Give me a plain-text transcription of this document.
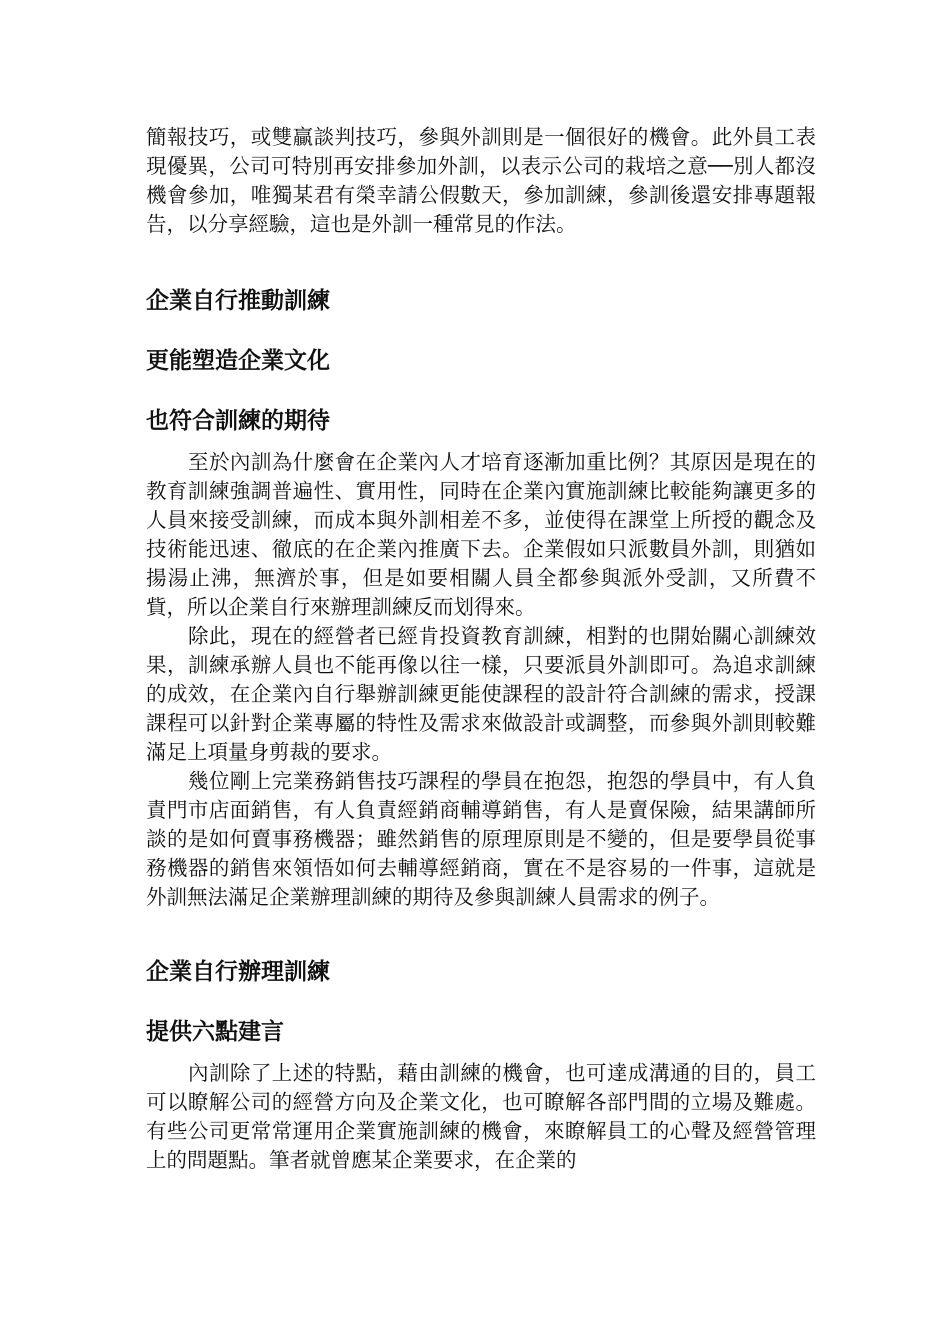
簡報技巧，或雙贏談判技巧，參與外訓則是一個很好的機會。此外員工表現優異，公司可特別再安排參加外訓，以表示公司的栽培之意──別人都沒機會參加，唯獨某君有榮幸請公假數天，參加訓練，參訓後還安排專題報告，以分享經驗，這也是外訓一種常見的作法。

企業自行推動訓練
更能塑造企業文化
也符合訓練的期待

至於內訓為什麼會在企業內人才培育逐漸加重比例？其原因是現在的教育訓練強調普遍性、實用性，同時在企業內實施訓練比較能夠讓更多的人員來接受訓練，而成本與外訓相差不多，並使得在課堂上所授的觀念及技術能迅速、徹底的在企業內推廣下去。企業假如只派數員外訓，則猶如揚湯止沸，無濟於事，但是如要相關人員全都參與派外受訓，又所費不貲，所以企業自行來辦理訓練反而划得來。

除此，現在的經營者已經肯投資教育訓練，相對的也開始關心訓練效果，訓練承辦人員也不能再像以往一樣，只要派員外訓即可。為追求訓練的成效，在企業內自行舉辦訓練更能使課程的設計符合訓練的需求，授課課程可以針對企業專屬的特性及需求來做設計或調整，而參與外訓則較難滿足上項量身剪裁的要求。

幾位剛上完業務銷售技巧課程的學員在抱怨，抱怨的學員中，有人負責門市店面銷售，有人負責經銷商輔導銷售，有人是賣保險，結果講師所談的是如何賣事務機器；雖然銷售的原理原則是不變的，但是要學員從事務機器的銷售來領悟如何去輔導經銷商，實在不是容易的一件事，這就是外訓無法滿足企業辦理訓練的期待及參與訓練人員需求的例子。

企業自行辦理訓練
提供六點建言

內訓除了上述的特點，藉由訓練的機會，也可達成溝通的目的，員工可以瞭解公司的經營方向及企業文化，也可瞭解各部門間的立場及難處。有些公司更常常運用企業實施訓練的機會，來瞭解員工的心聲及經營管理上的問題點。筆者就曾應某企業要求，在企業的
